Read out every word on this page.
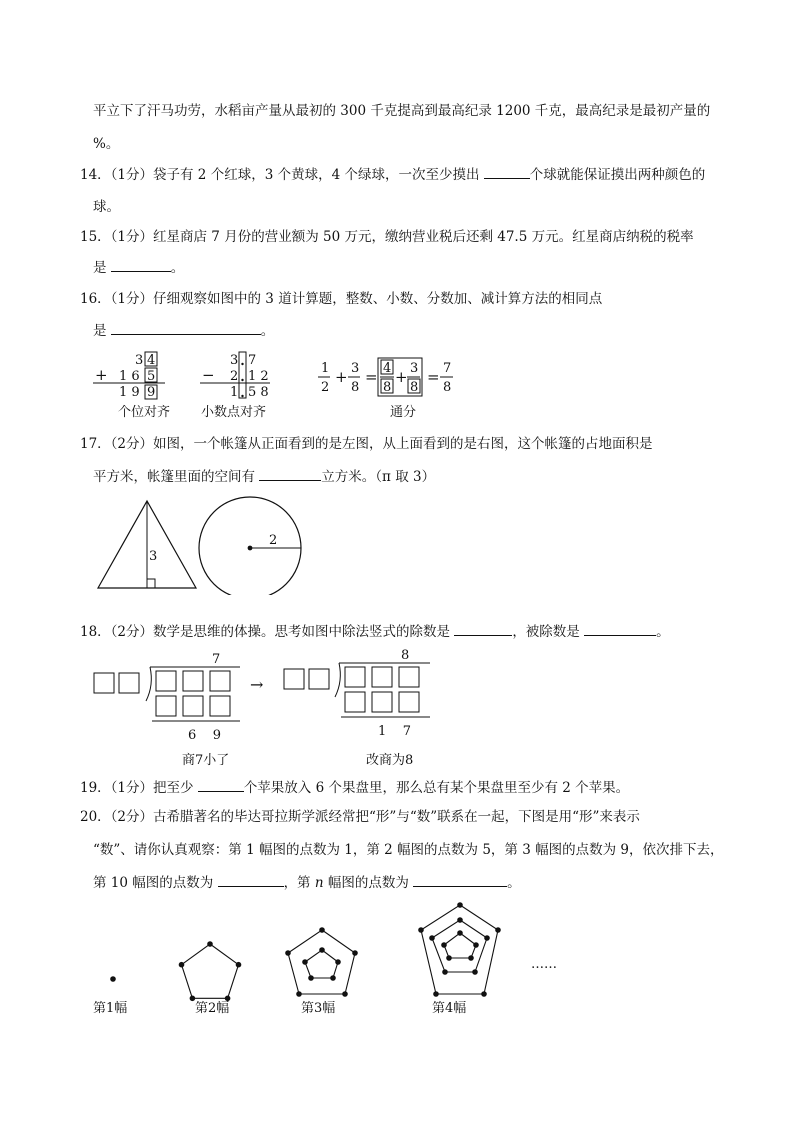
平立下了汗马功劳，水稻亩产量从最初的 300 千克提高到最高纪录 1200 千克，最高纪录是最初产量的
%。
14．（1分）袋子有 2 个红球，3 个黄球，4 个绿球，一次至少摸出	个球就能保证摸出两种颜色的
球。
15．（1分）红星商店 7 月份的营业额为 50 万元，缴纳营业税后还剩 47.5 万元。红星商店纳税的税率
是	。
16．（1分）仔细观察如图中的 3 道计算题，整数、小数、分数加、减计算方法的相同点
是	。
3 4
+ 1 6 5
1 9 9
3 7
− 2 1 2
1 5 8
1
2
+ 3
8
= 4
8
+ 3
8
= 7
8
个位对齐 小数点对齐	通分
17．（2分）如图，一个帐篷从正面看到的是左图，从上面看到的是右图，这个帐篷的占地面积是
平方米，帐篷里面的空间有	立方米。（π 取 3）
3
2
18．（2分）数学是思维的体操。思考如图中除法竖式的除数是	，被除数是	。
7
6    9
商7小了
→
8
1    7
改商为8
19．（1分）把至少	个苹果放入 6 个果盘里，那么总有某个果盘里至少有 2 个苹果。
20．（2分）古希腊著名的毕达哥拉斯学派经常把“形”与“数”联系在一起，下图是用“形”来表示
“数”、请你认真观察：第 1 幅图的点数为 1，第 2 幅图的点数为 5，第 3 幅图的点数为 9，依次排下去，
第 10 幅图的点数为	，第 n 幅图的点数为	。
第1幅	第2幅	第3幅	第4幅
……
